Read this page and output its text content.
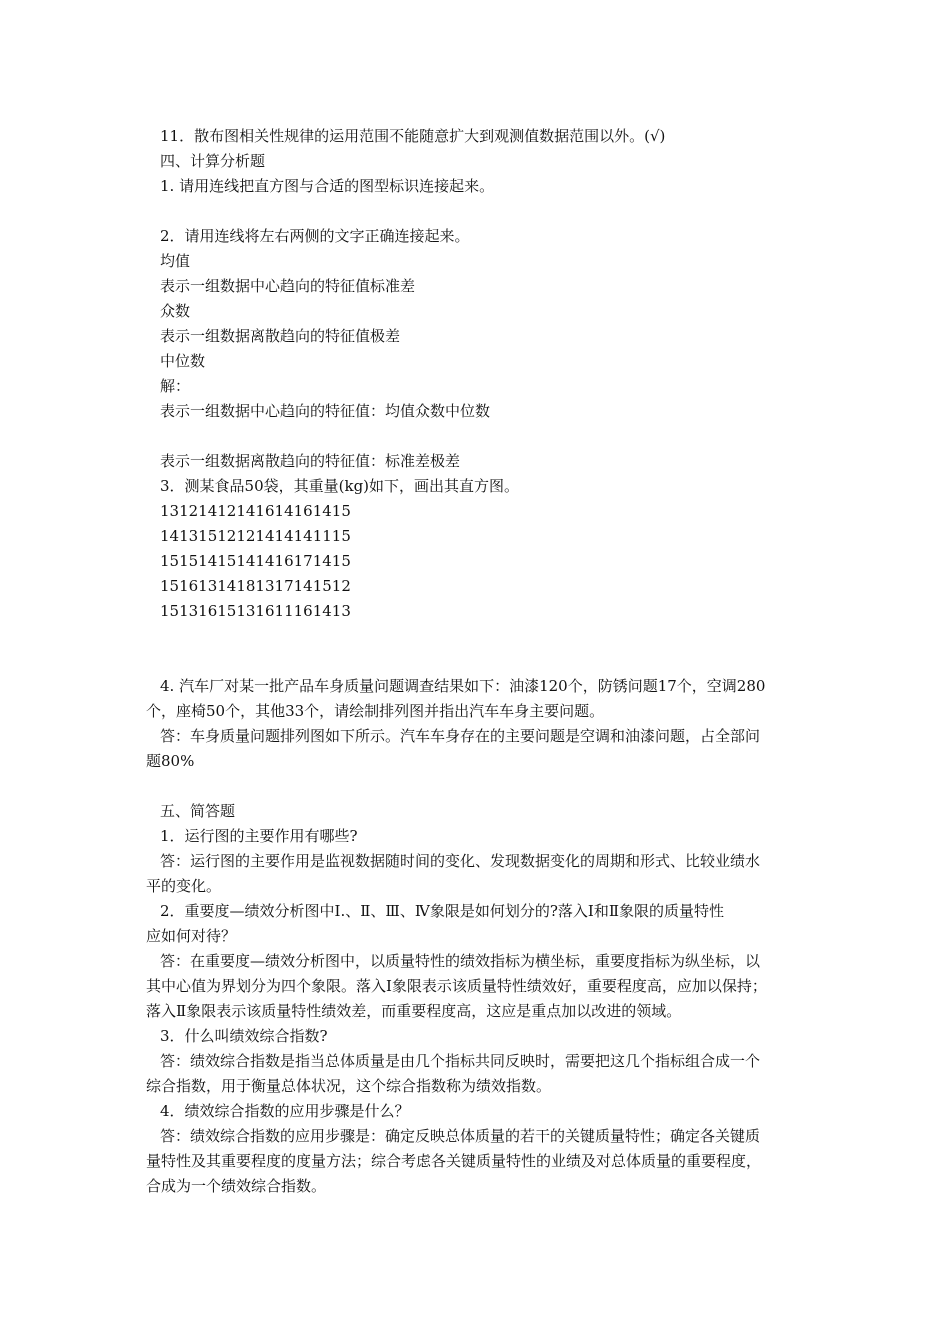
11．散布图相关性规律的运用范围不能随意扩大到观测值数据范围以外。(√)
四、计算分析题
1. 请用连线把直方图与合适的图型标识连接起来。
2．请用连线将左右两侧的文字正确连接起来。
均值
表示一组数据中心趋向的特征值标准差
众数
表示一组数据离散趋向的特征值极差
中位数
解：
表示一组数据中心趋向的特征值：均值众数中位数
表示一组数据离散趋向的特征值：标准差极差
3．测某食品50袋，其重量(kg)如下，画出其直方图。
13121412141614161415
14131512121414141115
15151415141416171415
15161314181317141512
15131615131611161413
4. 汽车厂对某一批产品车身质量问题调查结果如下：油漆120个，防锈问题17个，空调280
个，座椅50个，其他33个，请绘制排列图并指出汽车车身主要问题。
答：车身质量问题排列图如下所示。汽车车身存在的主要问题是空调和油漆问题，占全部问
题80%
五、简答题
1．运行图的主要作用有哪些?
答：运行图的主要作用是监视数据随时间的变化、发现数据变化的周期和形式、比较业绩水
平的变化。
2．重要度—绩效分析图中Ⅰ.、Ⅱ、Ⅲ、Ⅳ象限是如何划分的?落入Ⅰ和Ⅱ象限的质量特性
应如何对待？
答：在重要度—绩效分析图中，以质量特性的绩效指标为横坐标，重要度指标为纵坐标，以
其中心值为界划分为四个象限。落入Ⅰ象限表示该质量特性绩效好，重要程度高，应加以保持；
落入Ⅱ象限表示该质量特性绩效差，而重要程度高，这应是重点加以改进的领域。
3．什么叫绩效综合指数?
答：绩效综合指数是指当总体质量是由几个指标共同反映时，需要把这几个指标组合成一个
综合指数，用于衡量总体状况，这个综合指数称为绩效指数。
4．绩效综合指数的应用步骤是什么？
答：绩效综合指数的应用步骤是：确定反映总体质量的若干的关键质量特性；确定各关键质
量特性及其重要程度的度量方法；综合考虑各关键质量特性的业绩及对总体质量的重要程度，
合成为一个绩效综合指数。
